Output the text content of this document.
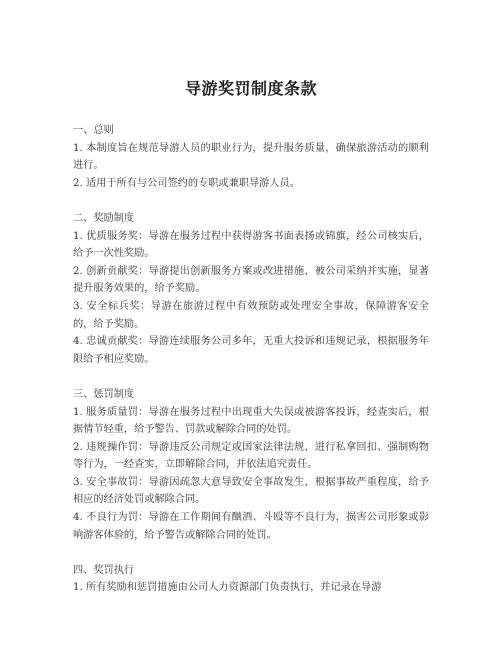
导游奖罚制度条款

一、总则

1. 本制度旨在规范导游人员的职业行为，提升服务质量，确保旅游活动的顺利进行。

2. 适用于所有与公司签约的专职或兼职导游人员。

二、奖励制度

1. 优质服务奖：导游在服务过程中获得游客书面表扬或锦旗，经公司核实后，给予一次性奖励。

2. 创新贡献奖：导游提出创新服务方案或改进措施，被公司采纳并实施，显著提升服务效果的，给予奖励。

3. 安全标兵奖：导游在旅游过程中有效预防或处理安全事故，保障游客安全的，给予奖励。

4. 忠诚贡献奖：导游连续服务公司多年，无重大投诉和违规记录，根据服务年限给予相应奖励。

三、惩罚制度

1. 服务质量罚：导游在服务过程中出现重大失误或被游客投诉，经查实后，根据情节轻重，给予警告、罚款或解除合同的处罚。

2. 违规操作罚：导游违反公司规定或国家法律法规，进行私拿回扣、强制购物等行为，一经查实，立即解除合同，并依法追究责任。

3. 安全事故罚：导游因疏忽大意导致安全事故发生，根据事故严重程度，给予相应的经济处罚或解除合同。

4. 不良行为罚：导游在工作期间有酗酒、斗殴等不良行为，损害公司形象或影响游客体验的，给予警告或解除合同的处罚。

四、奖罚执行

1. 所有奖励和惩罚措施由公司人力资源部门负责执行，并记录在导游
